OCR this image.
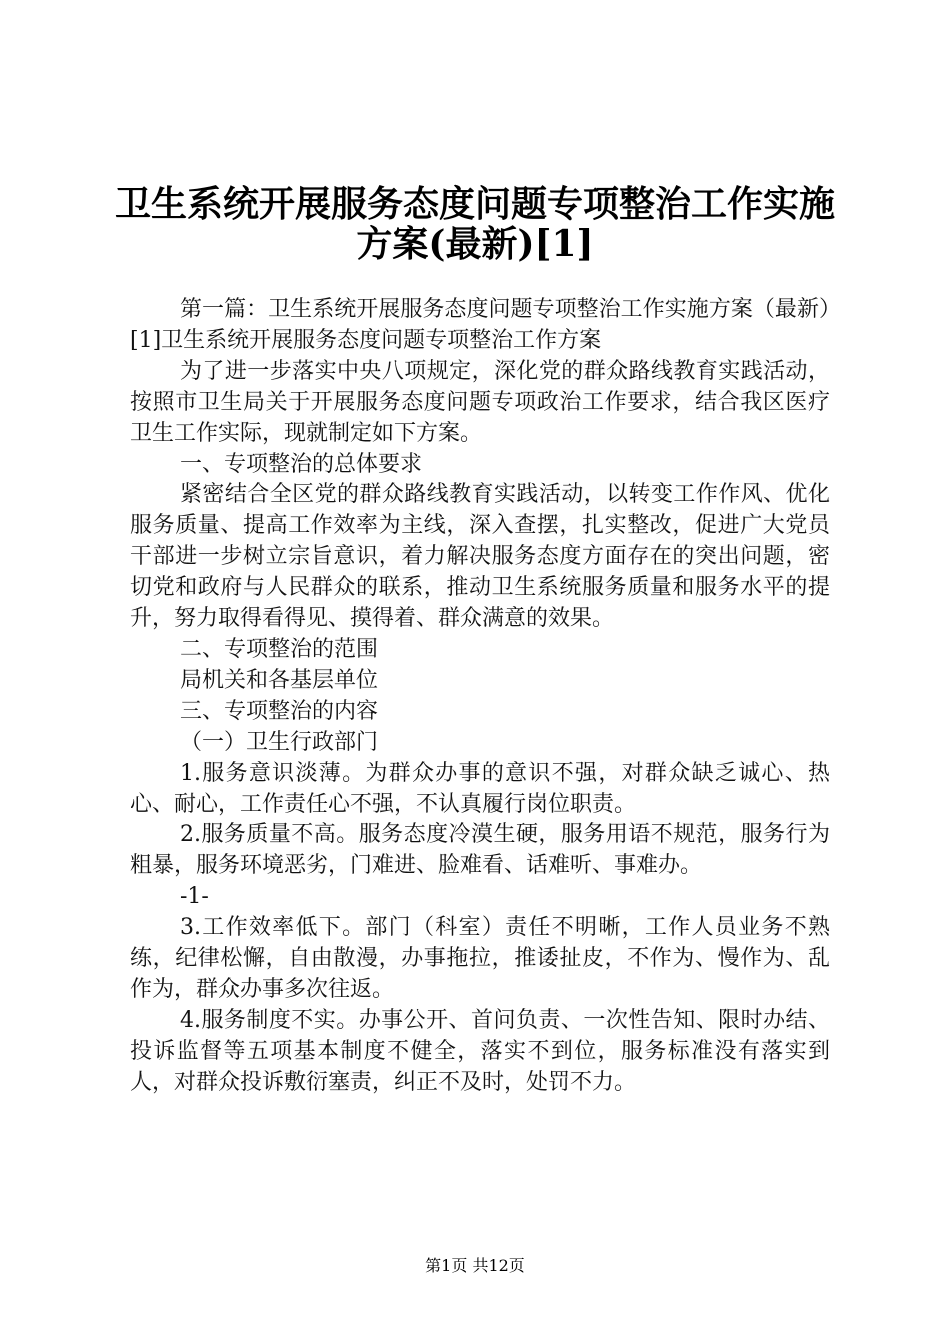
卫生系统开展服务态度问题专项整治工作实施
方案(最新)[1]

第一篇：卫生系统开展服务态度问题专项整治工作实施方案（最新）[1]卫生系统开展服务态度问题专项整治工作方案

为了进一步落实中央八项规定，深化党的群众路线教育实践活动，按照市卫生局关于开展服务态度问题专项政治工作要求，结合我区医疗卫生工作实际，现就制定如下方案。

一、专项整治的总体要求

紧密结合全区党的群众路线教育实践活动，以转变工作作风、优化服务质量、提高工作效率为主线，深入查摆，扎实整改，促进广大党员干部进一步树立宗旨意识，着力解决服务态度方面存在的突出问题，密切党和政府与人民群众的联系，推动卫生系统服务质量和服务水平的提升，努力取得看得见、摸得着、群众满意的效果。

二、专项整治的范围

局机关和各基层单位

三、专项整治的内容

（一）卫生行政部门

1.服务意识淡薄。为群众办事的意识不强，对群众缺乏诚心、热心、耐心，工作责任心不强，不认真履行岗位职责。

2.服务质量不高。服务态度冷漠生硬，服务用语不规范，服务行为粗暴，服务环境恶劣，门难进、脸难看、话难听、事难办。

-1-

3.工作效率低下。部门（科室）责任不明晰，工作人员业务不熟练，纪律松懈，自由散漫，办事拖拉，推诿扯皮，不作为、慢作为、乱作为，群众办事多次往返。

4.服务制度不实。办事公开、首问负责、一次性告知、限时办结、投诉监督等五项基本制度不健全，落实不到位，服务标准没有落实到人，对群众投诉敷衍塞责，纠正不及时，处罚不力。

第1页 共12页
